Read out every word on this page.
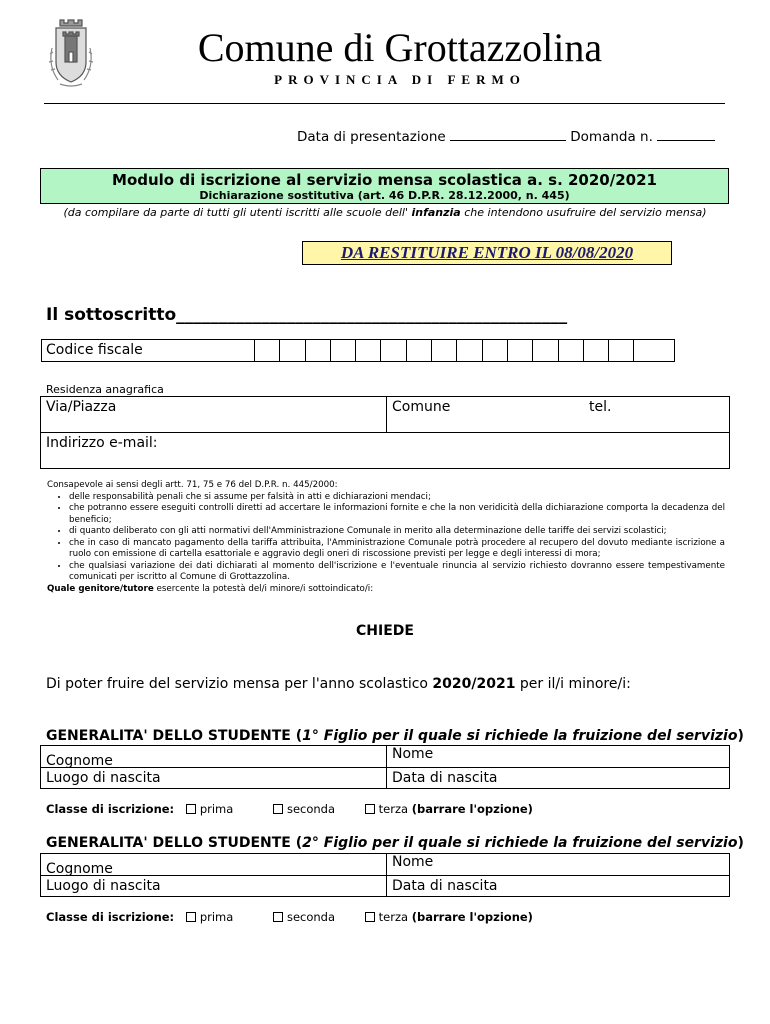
Comune di Grottazzolina
PROVINCIA DI FERMO
Data di presentazione	Domanda n.
Modulo di iscrizione al servizio mensa scolastica a. s. 2020/2021
Dichiarazione sostitutiva (art. 46 D.P.R. 28.12.2000, n. 445)
(da compilare da parte di tutti gli utenti iscritti alle scuole dell' infanzia che intendono usufruire del servizio mensa)
DA RESTITUIRE ENTRO IL 08/08/2020
Il sottoscritto______________________________________________
Codice fiscale
Residenza anagrafica
Via/Piazza	Comune	tel.
Indirizzo e-mail:
Consapevole ai sensi degli artt. 71, 75 e 76 del D.P.R. n. 445/2000:
• delle responsabilità penali che si assume per falsità in atti e dichiarazioni mendaci;
• che potranno essere eseguiti controlli diretti ad accertare le informazioni fornite e che la non veridicità della dichiarazione comporta la decadenza del beneficio;
• di quanto deliberato con gli atti normativi dell'Amministrazione Comunale in merito alla determinazione delle tariffe dei servizi scolastici;
• che in caso di mancato pagamento della tariffa attribuita, l'Amministrazione Comunale potrà procedere al recupero del dovuto mediante iscrizione a ruolo con emissione di cartella esattoriale e aggravio degli oneri di riscossione previsti per legge e degli interessi di mora;
• che qualsiasi variazione dei dati dichiarati al momento dell'iscrizione e l'eventuale rinuncia al servizio richiesto dovranno essere tempestivamente comunicati per iscritto al Comune di Grottazzolina.
Quale genitore/tutore esercente la potestà del/i minore/i sottoindicato/i:
CHIEDE
Di poter fruire del servizio mensa per l'anno scolastico 2020/2021 per il/i minore/i:
GENERALITA' DELLO STUDENTE (1° Figlio per il quale si richiede la fruizione del servizio)
Cognome	Nome
Luogo di nascita	Data di nascita
Classe di iscrizione: prima	seconda	terza (barrare l'opzione)
GENERALITA' DELLO STUDENTE (2° Figlio per il quale si richiede la fruizione del servizio)
Cognome	Nome
Luogo di nascita	Data di nascita
Classe di iscrizione: prima	seconda	terza (barrare l'opzione)
